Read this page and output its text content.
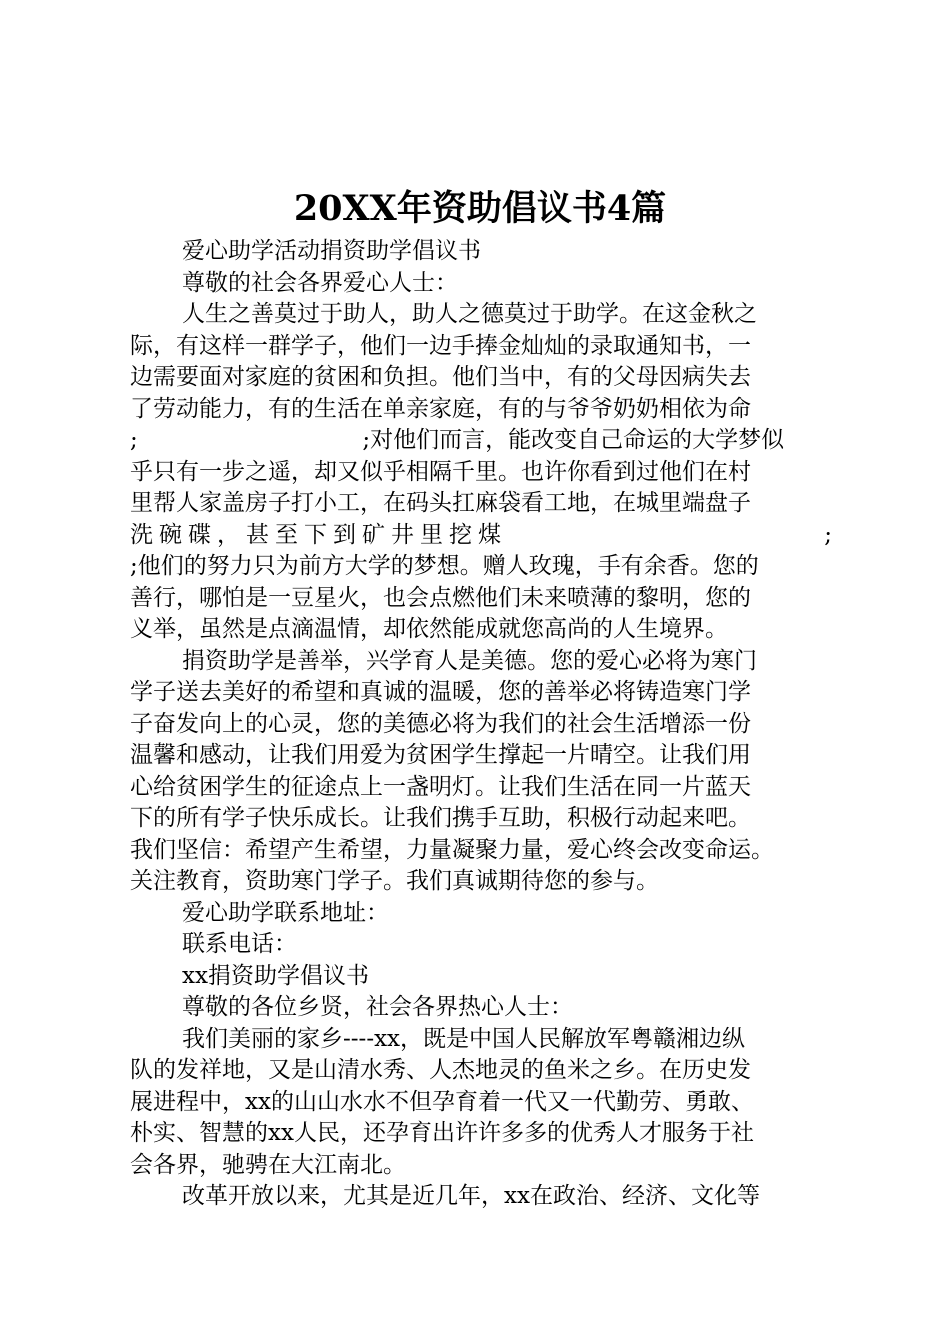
20XX年资助倡议书4篇
爱心助学活动捐资助学倡议书
尊敬的社会各界爱心人士：
人生之善莫过于助人，助人之德莫过于助学。在这金秋之
际，有这样一群学子，他们一边手捧金灿灿的录取通知书，一
边需要面对家庭的贫困和负担。他们当中，有的父母因病失去
了劳动能力，有的生活在单亲家庭，有的与爷爷奶奶相依为命
;	;对他们而言，能改变自己命运的大学梦似
乎只有一步之遥，却又似乎相隔千里。也许你看到过他们在村
里帮人家盖房子打小工，在码头扛麻袋看工地，在城里端盘子
洗碗碟，甚至下到矿井里挖煤	;
;他们的努力只为前方大学的梦想。赠人玫瑰，手有余香。您的
善行，哪怕是一豆星火，也会点燃他们未来喷薄的黎明，您的
义举，虽然是点滴温情，却依然能成就您高尚的人生境界。
捐资助学是善举，兴学育人是美德。您的爱心必将为寒门
学子送去美好的希望和真诚的温暖，您的善举必将铸造寒门学
子奋发向上的心灵，您的美德必将为我们的社会生活增添一份
温馨和感动，让我们用爱为贫困学生撑起一片晴空。让我们用
心给贫困学生的征途点上一盏明灯。让我们生活在同一片蓝天
下的所有学子快乐成长。让我们携手互助，积极行动起来吧。
我们坚信：希望产生希望，力量凝聚力量，爱心终会改变命运。
关注教育，资助寒门学子。我们真诚期待您的参与。
爱心助学联系地址：
联系电话：
xx捐资助学倡议书
尊敬的各位乡贤，社会各界热心人士：
我们美丽的家乡----xx，既是中国人民解放军粤赣湘边纵
队的发祥地，又是山清水秀、人杰地灵的鱼米之乡。在历史发
展进程中，xx的山山水水不但孕育着一代又一代勤劳、勇敢、
朴实、智慧的xx人民，还孕育出许许多多的优秀人才服务于社
会各界，驰骋在大江南北。
改革开放以来，尤其是近几年，xx在政治、经济、文化等
